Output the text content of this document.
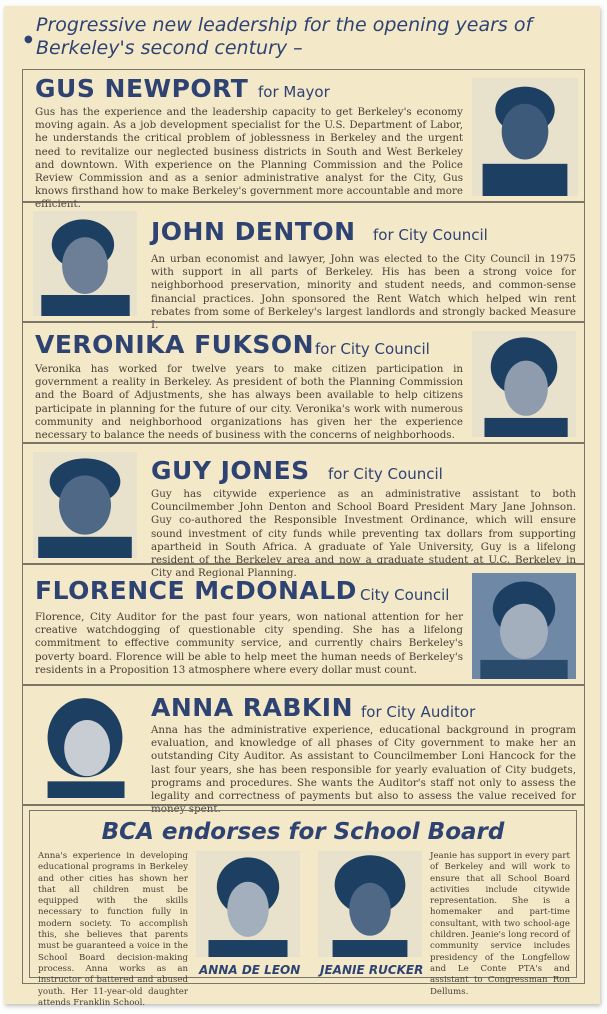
●
Progressive new leadership for the opening years of
Berkeley's second century –
GUS NEWPORT for Mayor
Gus has the experience and the leadership capacity to get Berkeley's economy moving again. As a job development specialist for the U.S. Department of Labor, he understands the critical problem of joblessness in Berkeley and the urgent need to revitalize our neglected business districts in South and West Berkeley and downtown. With experience on the Planning Commission and the Police Review Commission and as a senior administrative analyst for the City, Gus knows firsthand how to make Berkeley's government more accountable and more efficient.
JOHN DENTON for City Council
An urban economist and lawyer, John was elected to the City Council in 1975 with support in all parts of Berkeley. His has been a strong voice for neighborhood preservation, minority and student needs, and common-sense financial practices. John sponsored the Rent Watch which helped win rent rebates from some of Berkeley's largest landlords and strongly backed Measure I.
VERONIKA FUKSON for City Council
Veronika has worked for twelve years to make citizen participation in government a reality in Berkeley. As president of both the Planning Commission and the Board of Adjustments, she has always been available to help citizens participate in planning for the future of our city. Veronika's work with numerous community and neighborhood organizations has given her the experience necessary to balance the needs of business with the concerns of neighborhoods.
GUY JONES for City Council
Guy has citywide experience as an administrative assistant to both Councilmember John Denton and School Board President Mary Jane Johnson. Guy co-authored the Responsible Investment Ordinance, which will ensure sound investment of city funds while preventing tax dollars from supporting apartheid in South Africa. A graduate of Yale University, Guy is a lifelong resident of the Berkeley area and now a graduate student at U.C. Berkeley in City and Regional Planning.
FLORENCE McDONALD City Council
Florence, City Auditor for the past four years, won national attention for her creative watchdogging of questionable city spending. She has a lifelong commitment to effective community service, and currently chairs Berkeley's poverty board. Florence will be able to help meet the human needs of Berkeley's residents in a Proposition 13 atmosphere where every dollar must count.
ANNA RABKIN for City Auditor
Anna has the administrative experience, educational background in program evaluation, and knowledge of all phases of City government to make her an outstanding City Auditor. As assistant to Councilmember Loni Hancock for the last four years, she has been responsible for yearly evaluation of City budgets, programs and procedures. She wants the Auditor's staff not only to assess the legality and correctness of payments but also to assess the value received for money spent.
BCA endorses for School Board
Anna's experience in developing educational programs in Berkeley and other cities has shown her that all children must be equipped with the skills necessary to function fully in modern society. To accomplish this, she believes that parents must be guaranteed a voice in the School Board decision-making process. Anna works as an instructor of battered and abused youth. Her 11-year-old daughter attends Franklin School.
Jeanie has support in every part of Berkeley and will work to ensure that all School Board activities include citywide representation. She is a homemaker and part-time consultant, with two school-age children. Jeanie's long record of community service includes presidency of the Longfellow and Le Conte PTA's and assistant to Congressman Ron Dellums.
ANNA DE LEON JEANIE RUCKER
